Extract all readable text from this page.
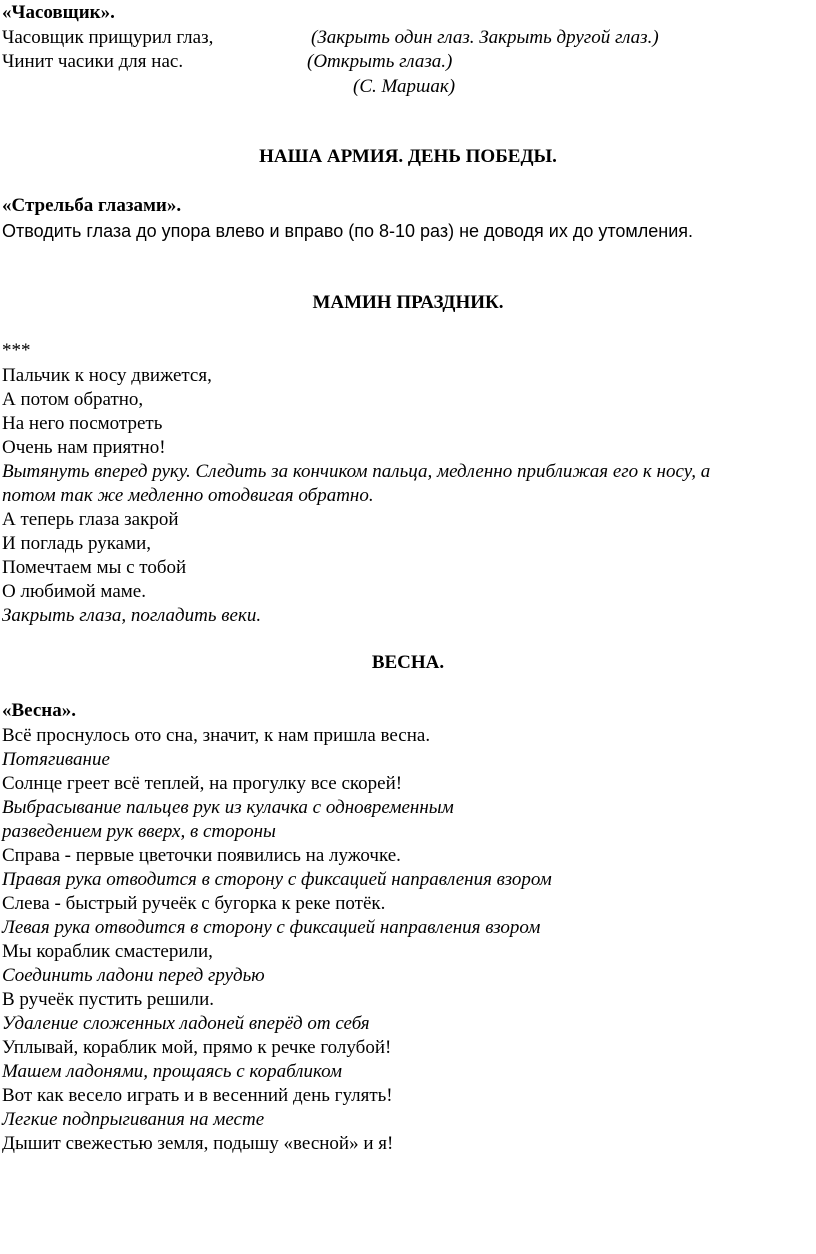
«Часовщик».
Часовщик прищурил глаз,	(Закрыть один глаз. Закрыть другой глаз.)
Чинит часики для нас.	(Открыть глаза.)
(С. Маршак)
НАША АРМИЯ. ДЕНЬ ПОБЕДЫ.
«Стрельба глазами».
Отводить глаза до упора влево и вправо (по 8-10 раз) не доводя их до утомления.
МАМИН ПРАЗДНИК.
***
Пальчик к носу движется,
А потом обратно,
На него посмотреть
Очень нам приятно!
Вытянуть вперед руку. Следить за кончиком пальца, медленно приближая его к носу, а
потом так же медленно отодвигая обратно.
А теперь глаза закрой
И погладь руками,
Помечтаем мы с тобой
О любимой маме.
Закрыть глаза, погладить веки.
ВЕСНА.
«Весна».
Всё проснулось ото сна, значит, к нам пришла весна.
Потягивание
Солнце греет всё теплей, на прогулку все скорей!
Выбрасывание пальцев рук из кулачка с одновременным
разведением рук вверх, в стороны
Справа - первые цветочки появились на лужочке.
Правая рука отводится в сторону с фиксацией направления взором
Слева - быстрый ручеёк с бугорка к реке потёк.
Левая рука отводится в сторону с фиксацией направления взором
Мы кораблик смастерили,
Соединить ладони перед грудью
В ручеёк пустить решили.
Удаление сложенных ладоней вперёд от себя
Уплывай, кораблик мой, прямо к речке голубой!
Машем ладонями, прощаясь с корабликом
Вот как весело играть и в весенний день гулять!
Легкие подпрыгивания на месте
Дышит свежестью земля, подышу «весной» и я!
